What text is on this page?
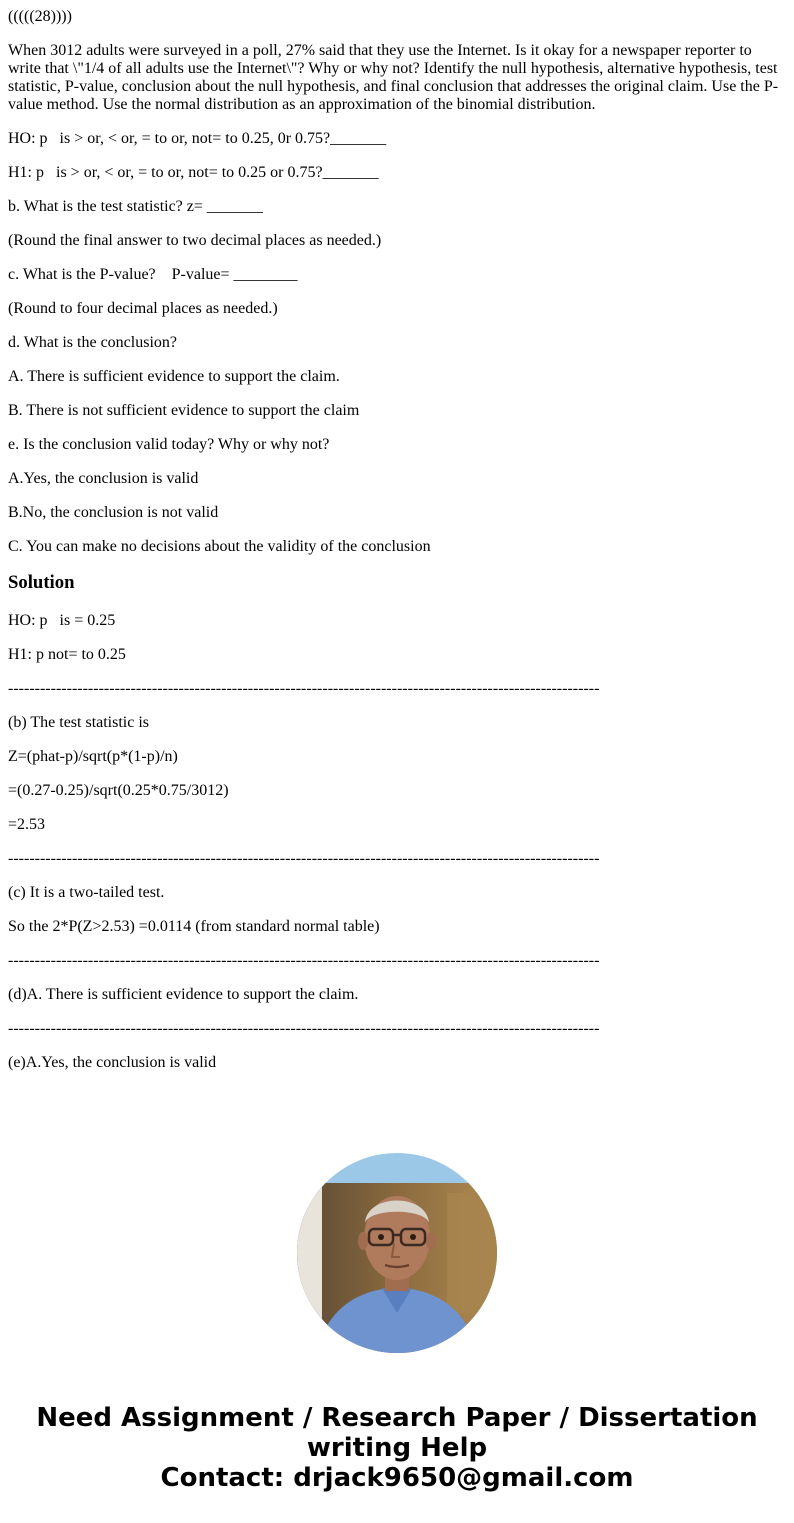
(((((28))))

When 3012 adults were surveyed in a poll, 27% said that they use the Internet. Is it okay for a newspaper reporter to write that \"1/4 of all adults use the Internet\"? Why or why not? Identify the null hypothesis, alternative hypothesis, test statistic, P-value, conclusion about the null hypothesis, and final conclusion that addresses the original claim. Use the P-value method. Use the normal distribution as an approximation of the binomial distribution.

HO: p   is > or, < or, = to or, not= to 0.25, 0r 0.75?_______

H1: p   is > or, < or, = to or, not= to 0.25 or 0.75?_______

b. What is the test statistic? z= _______

(Round the final answer to two decimal places as needed.)

c. What is the P-value?    P-value= ________

(Round to four decimal places as needed.)

d. What is the conclusion?

A. There is sufficient evidence to support the claim.

B. There is not sufficient evidence to support the claim

e. Is the conclusion valid today? Why or why not?

A.Yes, the conclusion is valid

B.No, the conclusion is not valid

C. You can make no decisions about the validity of the conclusion

Solution

HO: p   is = 0.25

H1: p not= to 0.25

---------------------------------------------------------------------------------------------------------------

(b) The test statistic is

Z=(phat-p)/sqrt(p*(1-p)/n)

=(0.27-0.25)/sqrt(0.25*0.75/3012)

=2.53

---------------------------------------------------------------------------------------------------------------

(c) It is a two-tailed test.

So the 2*P(Z>2.53) =0.0114 (from standard normal table)

---------------------------------------------------------------------------------------------------------------

(d)A. There is sufficient evidence to support the claim.

---------------------------------------------------------------------------------------------------------------

(e)A.Yes, the conclusion is valid

Need Assignment / Research Paper / Dissertation
writing Help
Contact: drjack9650@gmail.com
